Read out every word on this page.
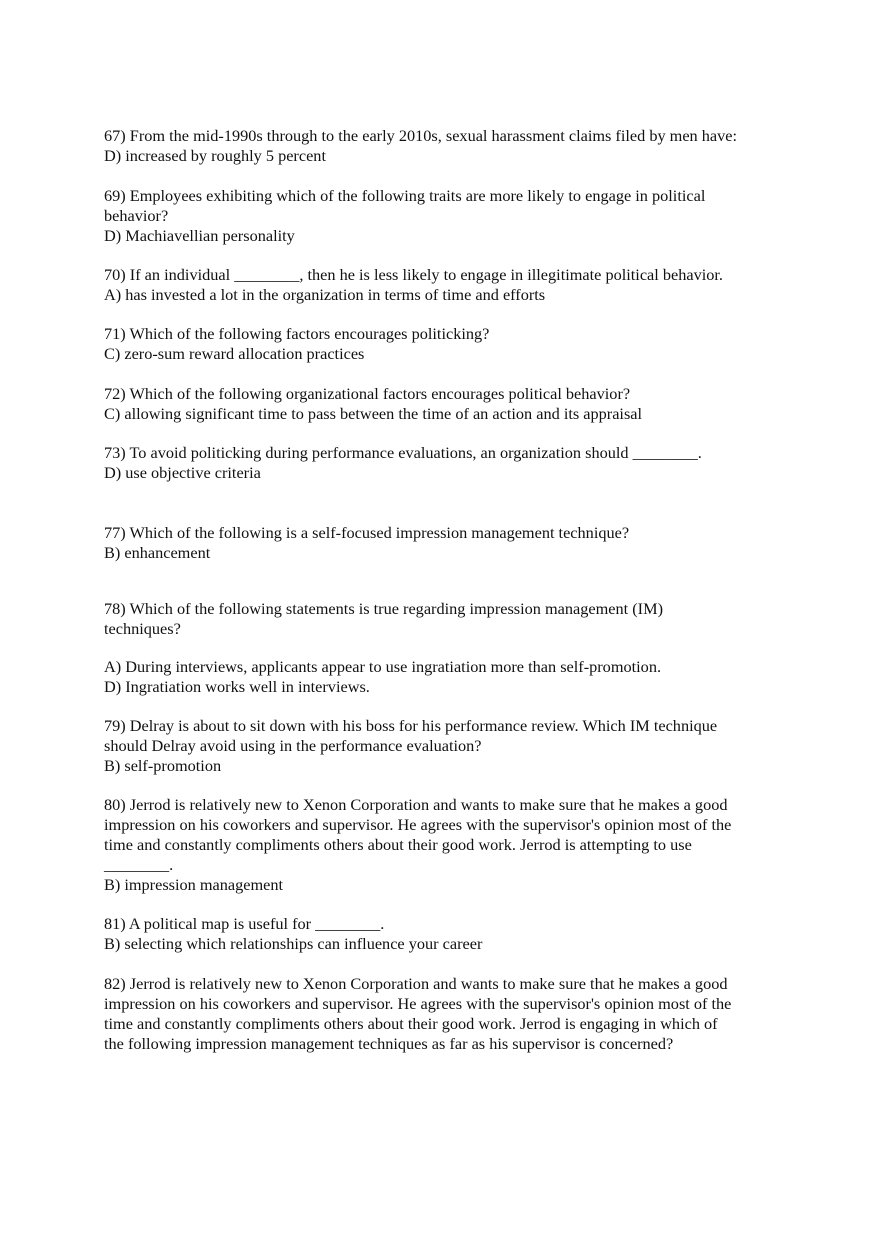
67) From the mid-1990s through to the early 2010s, sexual harassment claims filed by men have:
D) increased by roughly 5 percent
69) Employees exhibiting which of the following traits are more likely to engage in political
behavior?
D) Machiavellian personality
70) If an individual ________, then he is less likely to engage in illegitimate political behavior.
A) has invested a lot in the organization in terms of time and efforts
71) Which of the following factors encourages politicking?
C) zero-sum reward allocation practices
72) Which of the following organizational factors encourages political behavior?
C) allowing significant time to pass between the time of an action and its appraisal
73) To avoid politicking during performance evaluations, an organization should ________.
D) use objective criteria
77) Which of the following is a self-focused impression management technique?
B) enhancement
78) Which of the following statements is true regarding impression management (IM)
techniques?
A) During interviews, applicants appear to use ingratiation more than self-promotion.
D) Ingratiation works well in interviews.
79) Delray is about to sit down with his boss for his performance review. Which IM technique
should Delray avoid using in the performance evaluation?
B) self-promotion
80) Jerrod is relatively new to Xenon Corporation and wants to make sure that he makes a good
impression on his coworkers and supervisor. He agrees with the supervisor's opinion most of the
time and constantly compliments others about their good work. Jerrod is attempting to use
________.
B) impression management
81) A political map is useful for ________.
B) selecting which relationships can influence your career
82) Jerrod is relatively new to Xenon Corporation and wants to make sure that he makes a good
impression on his coworkers and supervisor. He agrees with the supervisor's opinion most of the
time and constantly compliments others about their good work. Jerrod is engaging in which of
the following impression management techniques as far as his supervisor is concerned?
